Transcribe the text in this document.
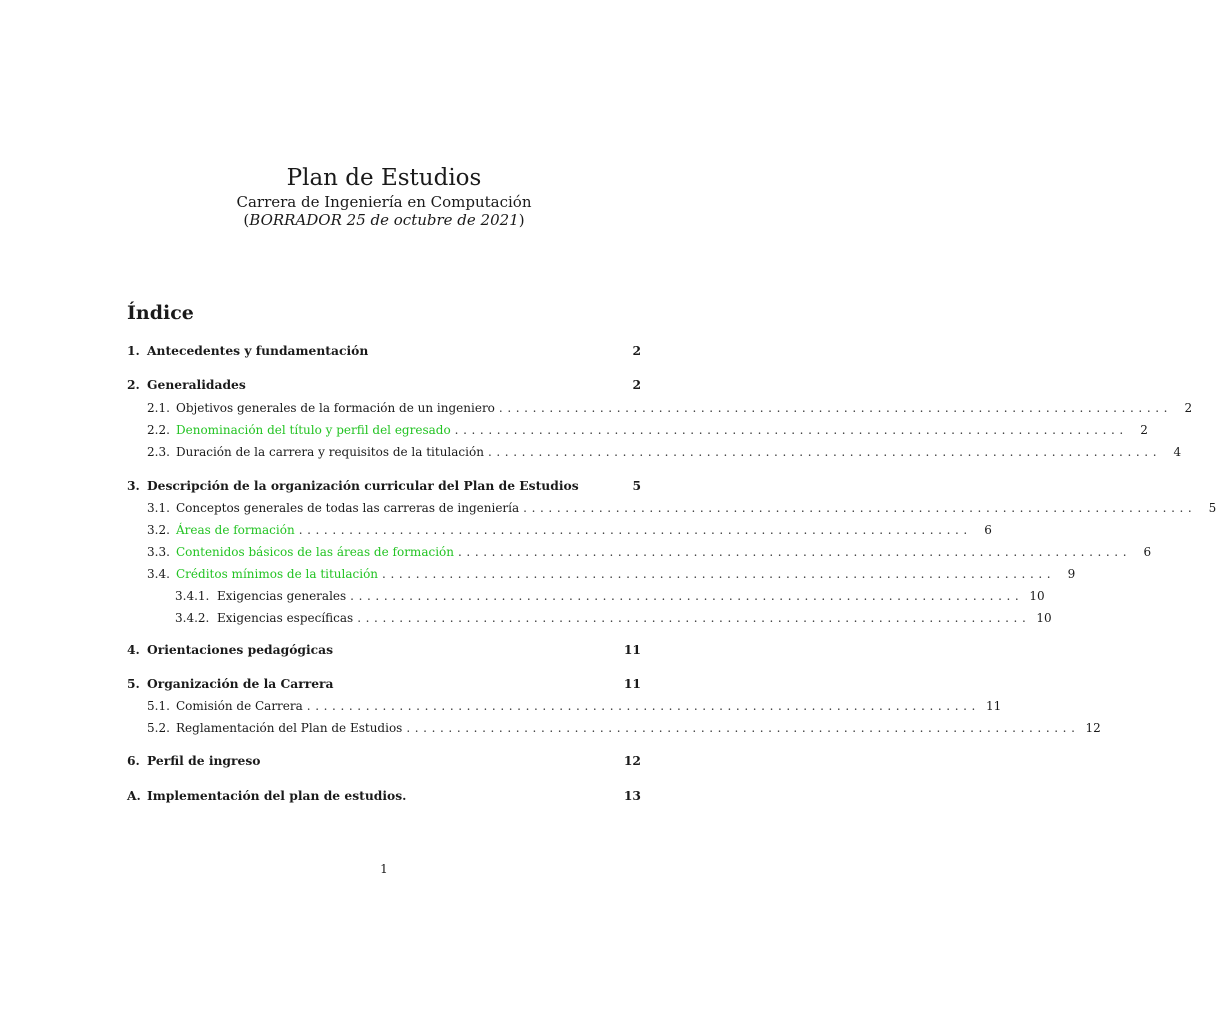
Plan de Estudios

Carrera de Ingeniería en Computación

(BORRADOR 25 de octubre de 2021)

Índice
1. Antecedentes y fundamentación	2
2. Generalidades	2
2.1. Objetivos generales de la formación de un ingeniero ................................................................................	2
2.2. Denominación del título y perfil del egresado ................................................................................	2
2.3. Duración de la carrera y requisitos de la titulación ................................................................................	4
3. Descripción de la organización curricular del Plan de Estudios	5
3.1. Conceptos generales de todas las carreras de ingeniería ................................................................................	5
3.2. Áreas de formación ................................................................................	6
3.3. Contenidos básicos de las áreas de formación ................................................................................	6
3.4. Créditos mínimos de la titulación ................................................................................	9
3.4.1. Exigencias generales ................................................................................ 10
3.4.2. Exigencias específicas ................................................................................ 10
4. Orientaciones pedagógicas	11
5. Organización de la Carrera	11
5.1. Comisión de Carrera ................................................................................ 11
5.2. Reglamentación del Plan de Estudios ................................................................................ 12
6. Perfil de ingreso	12
A. Implementación del plan de estudios.	13
1
